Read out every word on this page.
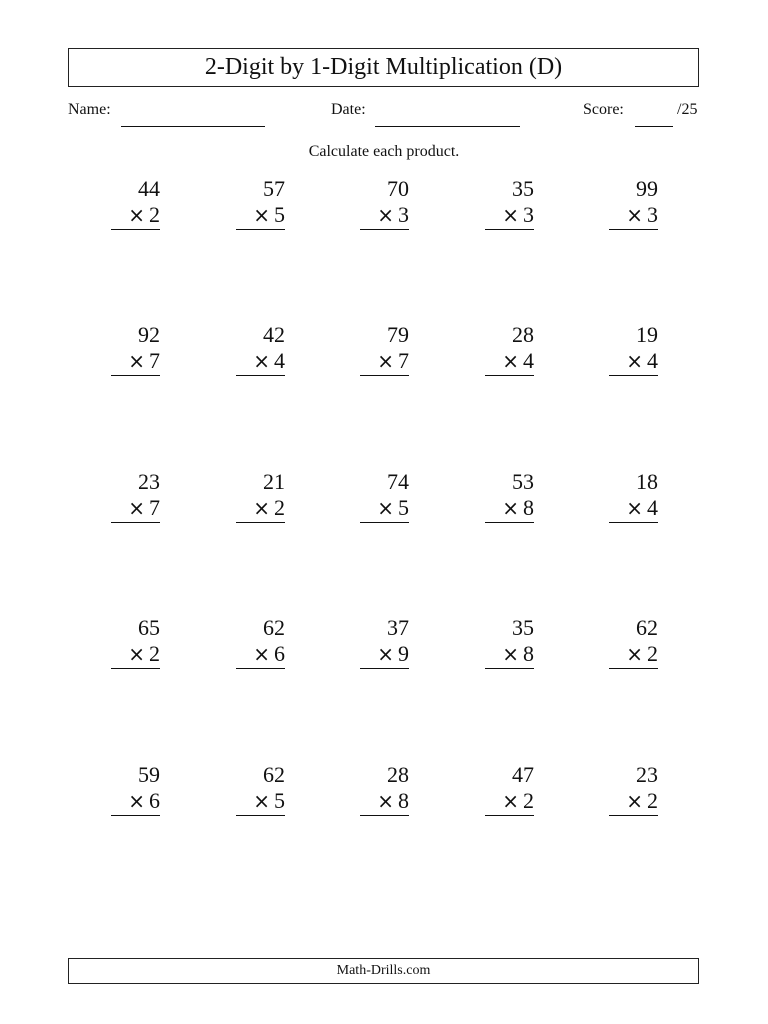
2-Digit by 1-Digit Multiplication (D)
Name:	Date:	Score:	/25
Calculate each product.
44
× 2
57
× 5
70
× 3
35
× 3
99
× 3
92
× 7
42
× 4
79
× 7
28
× 4
19
× 4
23
× 7
21
× 2
74
× 5
53
× 8
18
× 4
65
× 2
62
× 6
37
× 9
35
× 8
62
× 2
59
× 6
62
× 5
28
× 8
47
× 2
23
× 2
Math-Drills.com
